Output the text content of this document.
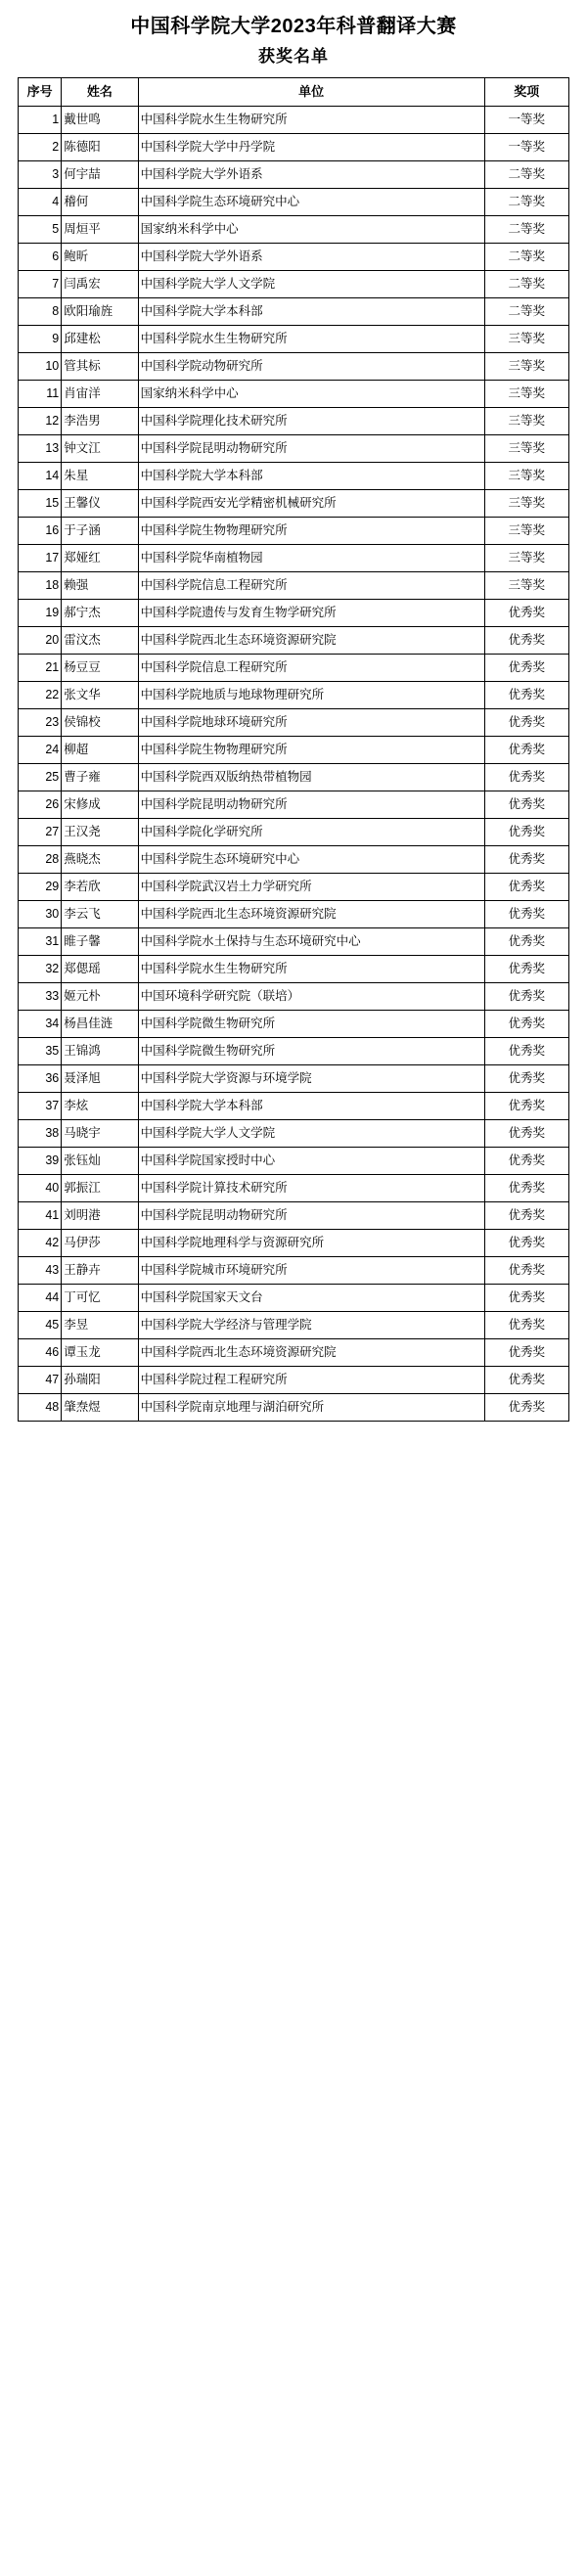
中国科学院大学2023年科普翻译大赛
获奖名单
序号	姓名	单位	奖项
1	戴世鸣	中国科学院水生生物研究所	一等奖
2	陈德阳	中国科学院大学中丹学院	一等奖
3	何宇喆	中国科学院大学外语系	二等奖
4	稽何	中国科学院生态环境研究中心	二等奖
5	周烜平	国家纳米科学中心	二等奖
6	鲍昕	中国科学院大学外语系	二等奖
7	闫禹宏	中国科学院大学人文学院	二等奖
8	欧阳瑜旌	中国科学院大学本科部	二等奖
9	邱建松	中国科学院水生生物研究所	三等奖
10	管其标	中国科学院动物研究所	三等奖
11	肖宙洋	国家纳米科学中心	三等奖
12	李浩男	中国科学院理化技术研究所	三等奖
13	钟文江	中国科学院昆明动物研究所	三等奖
14	朱星	中国科学院大学本科部	三等奖
15	王馨仪	中国科学院西安光学精密机械研究所	三等奖
16	于子涵	中国科学院生物物理研究所	三等奖
17	郑娅红	中国科学院华南植物园	三等奖
18	赖强	中国科学院信息工程研究所	三等奖
19	郝宁杰	中国科学院遗传与发育生物学研究所	优秀奖
20	雷汶杰	中国科学院西北生态环境资源研究院	优秀奖
21	杨豆豆	中国科学院信息工程研究所	优秀奖
22	张文华	中国科学院地质与地球物理研究所	优秀奖
23	侯锦校	中国科学院地球环境研究所	优秀奖
24	柳超	中国科学院生物物理研究所	优秀奖
25	曹子雍	中国科学院西双版纳热带植物园	优秀奖
26	宋修成	中国科学院昆明动物研究所	优秀奖
27	王汉尧	中国科学院化学研究所	优秀奖
28	燕晓杰	中国科学院生态环境研究中心	优秀奖
29	李若欣	中国科学院武汉岩土力学研究所	优秀奖
30	李云飞	中国科学院西北生态环境资源研究院	优秀奖
31	睢子馨	中国科学院水土保持与生态环境研究中心	优秀奖
32	郑偲瑶	中国科学院水生生物研究所	优秀奖
33	姬元朴	中国环境科学研究院（联培）	优秀奖
34	杨昌佳涟	中国科学院微生物研究所	优秀奖
35	王锦鸿	中国科学院微生物研究所	优秀奖
36	聂泽旭	中国科学院大学资源与环境学院	优秀奖
37	李炫	中国科学院大学本科部	优秀奖
38	马晓宇	中国科学院大学人文学院	优秀奖
39	张钰灿	中国科学院国家授时中心	优秀奖
40	郭振江	中国科学院计算技术研究所	优秀奖
41	刘明港	中国科学院昆明动物研究所	优秀奖
42	马伊莎	中国科学院地理科学与资源研究所	优秀奖
43	王静卉	中国科学院城市环境研究所	优秀奖
44	丁可忆	中国科学院国家天文台	优秀奖
45	李昱	中国科学院大学经济与管理学院	优秀奖
46	谭玉龙	中国科学院西北生态环境资源研究院	优秀奖
47	孙瑞阳	中国科学院过程工程研究所	优秀奖
48	肇焘煜	中国科学院南京地理与湖泊研究所	优秀奖
